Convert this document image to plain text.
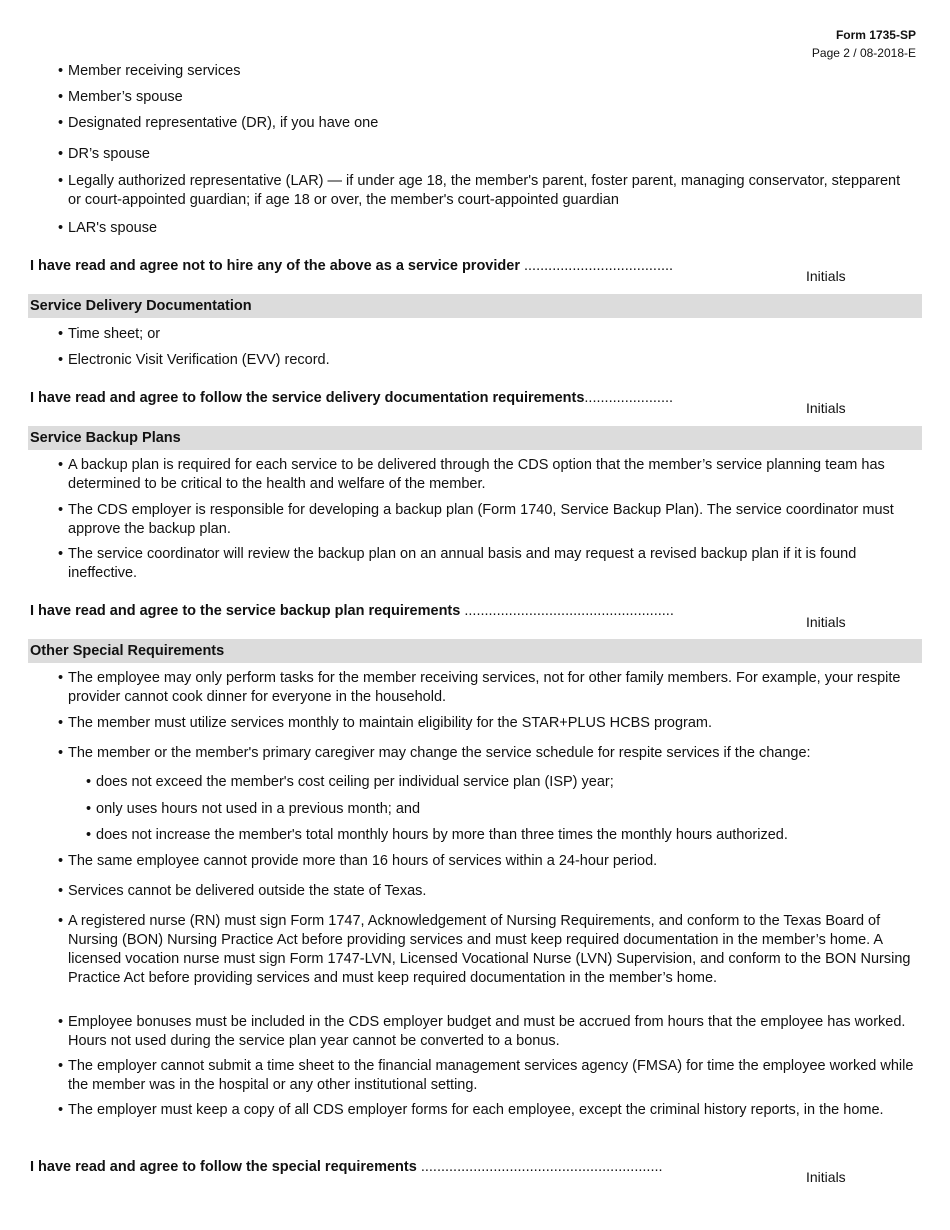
Form 1735-SP
Page 2 / 08-2018-E
• Member receiving services
• Member’s spouse
• Designated representative (DR), if you have one
• DR’s spouse
• Legally authorized representative (LAR) — if under age 18, the member's parent, foster parent, managing conservator, stepparent or court-appointed guardian; if age 18 or over, the member's court-appointed guardian
• LAR's spouse
I have read and agree not to hire any of the above as a service provider .....................................
Initials
Service Delivery Documentation
• Time sheet; or
• Electronic Visit Verification (EVV) record.
I have read and agree to follow the service delivery documentation requirements......................
Initials
Service Backup Plans
• A backup plan is required for each service to be delivered through the CDS option that the member’s service planning team has determined to be critical to the health and welfare of the member.
• The CDS employer is responsible for developing a backup plan (Form 1740, Service Backup Plan). The service coordinator must approve the backup plan.
• The service coordinator will review the backup plan on an annual basis and may request a revised backup plan if it is found ineffective.
I have read and agree to the service backup plan requirements ....................................................
Initials
Other Special Requirements
• The employee may only perform tasks for the member receiving services, not for other family members. For example, your respite provider cannot cook dinner for everyone in the household.
• The member must utilize services monthly to maintain eligibility for the STAR+PLUS HCBS program.
• The member or the member's primary caregiver may change the service schedule for respite services if the change:
• does not exceed the member's cost ceiling per individual service plan (ISP) year;
• only uses hours not used in a previous month; and
• does not increase the member's total monthly hours by more than three times the monthly hours authorized.
• The same employee cannot provide more than 16 hours of services within a 24-hour period.
• Services cannot be delivered outside the state of Texas.
• A registered nurse (RN) must sign Form 1747, Acknowledgement of Nursing Requirements, and conform to the Texas Board of Nursing (BON) Nursing Practice Act before providing services and must keep required documentation in the member’s home. A licensed vocation nurse must sign Form 1747-LVN, Licensed Vocational Nurse (LVN) Supervision, and conform to the BON Nursing Practice Act before providing services and must keep required documentation in the member’s home.
• Employee bonuses must be included in the CDS employer budget and must be accrued from hours that the employee has worked. Hours not used during the service plan year cannot be converted to a bonus.
• The employer cannot submit a time sheet to the financial management services agency (FMSA) for time the employee worked while the member was in the hospital or any other institutional setting.
• The employer must keep a copy of all CDS employer forms for each employee, except the criminal history reports, in the home.
I have read and agree to follow the special requirements ............................................................
Initials
